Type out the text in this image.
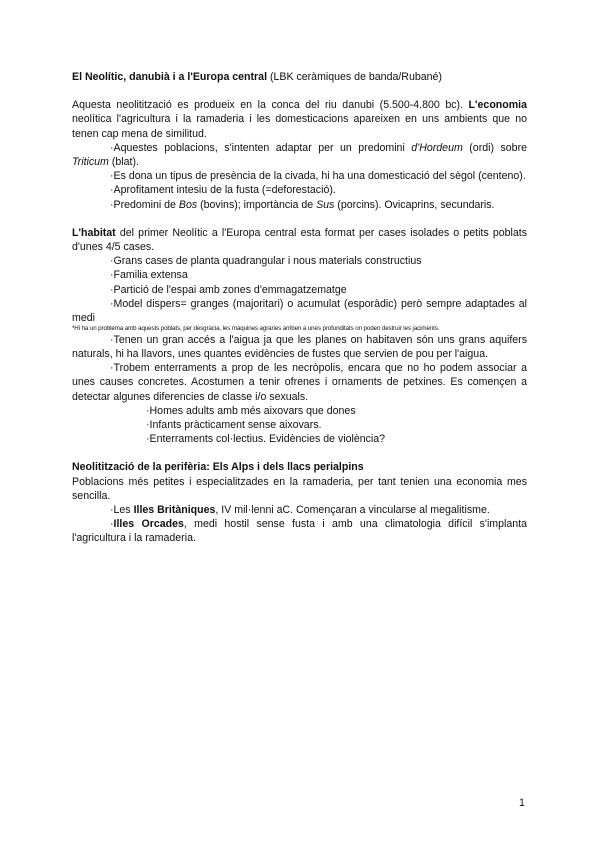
El Neolític, danubià i a l'Europa central (LBK ceràmiques de banda/Rubané)

Aquesta neolitització es produeix en la conca del riu danubi (5.500-4.800 bc). L'economia neolítica l'agricultura i la ramaderia i les domesticacions apareixen en uns ambients que no tenen cap mena de similitud.

·Aquestes poblacions, s'intenten adaptar per un predomini d'Hordeum (ordi) sobre Triticum (blat).

·Es dona un tipus de presència de la civada, hi ha una domesticació del sègol (centeno).

·Aprofitament intesiu de la fusta (=deforestació).

·Predomini de Bos (bovins); importància de Sus (porcins). Ovicaprins, secundaris.

L'habitat del primer Neolític a l'Europa central esta format per cases isolades o petits poblats d'unes 4/5 cases.

·Grans cases de planta quadrangular i nous materials constructius

·Familia extensa

·Partició de l'espai amb zones d'emmagatzematge

·Model dispers= granges (majoritari) o acumulat (esporàdic) però sempre adaptades al medi

*Hi ha un problema amb aquests poblats, per desgracia, les maquines agraries arriben a unes profunditats on poden destruir les jaciments.

·Tenen un gran accés a l'aigua ja que les planes on habitaven són uns grans aquifers naturals, hi ha llavors, unes quantes evidències de fustes que servien de pou per l'aigua.

·Trobem enterraments a prop de les necròpolis, encara que no ho podem associar a unes causes concretes. Acostumen a tenir ofrenes i ornaments de petxines. Es començen a detectar algunes diferencies de classe i/o sexuals.

·Homes adults amb més aixovars que dones

·Infants pràcticament sense aixovars.

·Enterraments col·lectius. Evidències de violència?

Neolitització de la perifèria: Els Alps i dels llacs perialpins

Poblacions més petites i especialitzades en la ramaderia, per tant tenien una economia mes sencilla.

·Les Illes Britàniques, IV mil·lenni aC. Començaran a vincularse al megalitisme.

·Illes Orcades, medi hostil sense fusta i amb una climatologia difícil s'implanta l'agricultura i la ramaderia.

1
